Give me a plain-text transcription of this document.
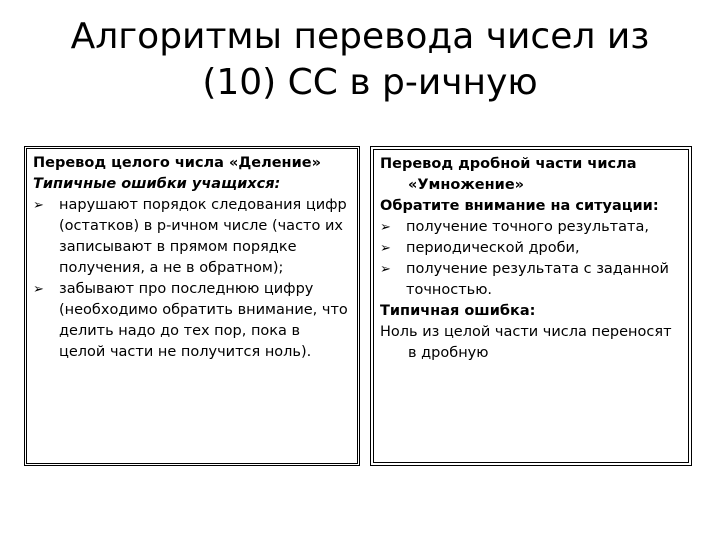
Алгоритмы перевода чисел из
(10) СС в р-ичную
Перевод целого числа «Деление»
Типичные ошибки учащихся:
➢	нарушают порядок следования цифр (остатков) в р-ичном числе (часто их записывают в прямом порядке получения, а не в обратном);
➢	забывают про последнюю цифру (необходимо обратить внимание, что делить надо до тех пор, пока в целой части не получится ноль).
Перевод дробной части числа «Умножение»
Обратите внимание на ситуации:
➢	получение точного результата,
➢	периодической дроби,
➢	получение результата с заданной точностью.
Типичная ошибка:
Ноль из целой части числа переносят в дробную
